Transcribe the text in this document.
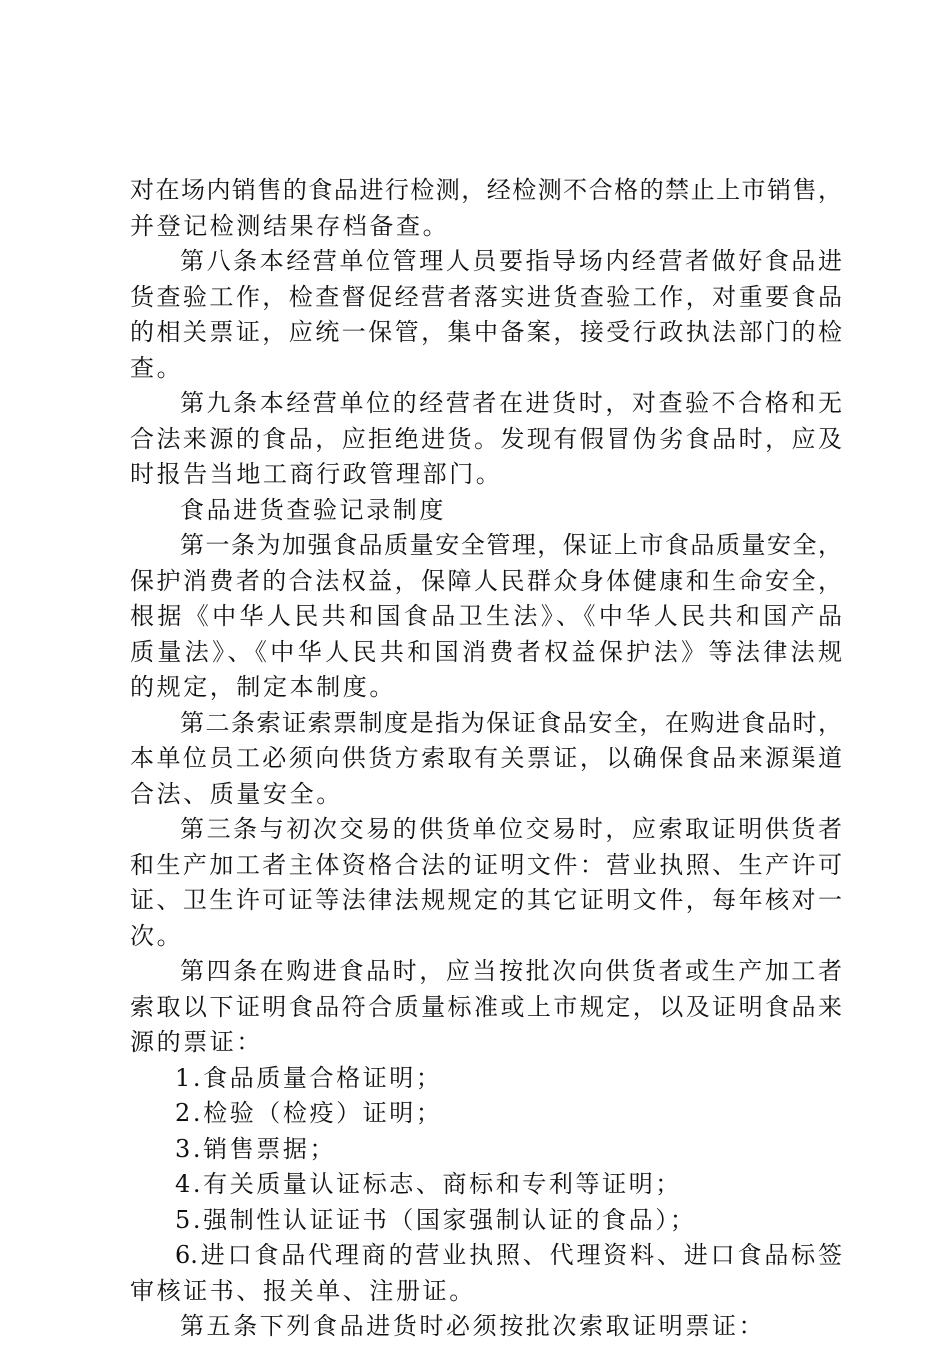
对在场内销售的食品进行检测，经检测不合格的禁止上市销售，
并登记检测结果存档备查。
第八条本经营单位管理人员要指导场内经营者做好食品进
货查验工作，检查督促经营者落实进货查验工作，对重要食品
的相关票证，应统一保管，集中备案，接受行政执法部门的检
查。
第九条本经营单位的经营者在进货时，对查验不合格和无
合法来源的食品，应拒绝进货。发现有假冒伪劣食品时，应及
时报告当地工商行政管理部门。
食品进货查验记录制度
第一条为加强食品质量安全管理，保证上市食品质量安全，
保护消费者的合法权益，保障人民群众身体健康和生命安全，
根据《中华人民共和国食品卫生法》、《中华人民共和国产品
质量法》、《中华人民共和国消费者权益保护法》等法律法规
的规定，制定本制度。
第二条索证索票制度是指为保证食品安全，在购进食品时，
本单位员工必须向供货方索取有关票证，以确保食品来源渠道
合法、质量安全。
第三条与初次交易的供货单位交易时，应索取证明供货者
和生产加工者主体资格合法的证明文件：营业执照、生产许可
证、卫生许可证等法律法规规定的其它证明文件，每年核对一
次。
第四条在购进食品时，应当按批次向供货者或生产加工者
索取以下证明食品符合质量标准或上市规定，以及证明食品来
源的票证：
1.食品质量合格证明；
2.检验（检疫）证明；
3.销售票据；
4.有关质量认证标志、商标和专利等证明；
5.强制性认证证书（国家强制认证的食品）；
6.进口食品代理商的营业执照、代理资料、进口食品标签
审核证书、报关单、注册证。
第五条下列食品进货时必须按批次索取证明票证：
